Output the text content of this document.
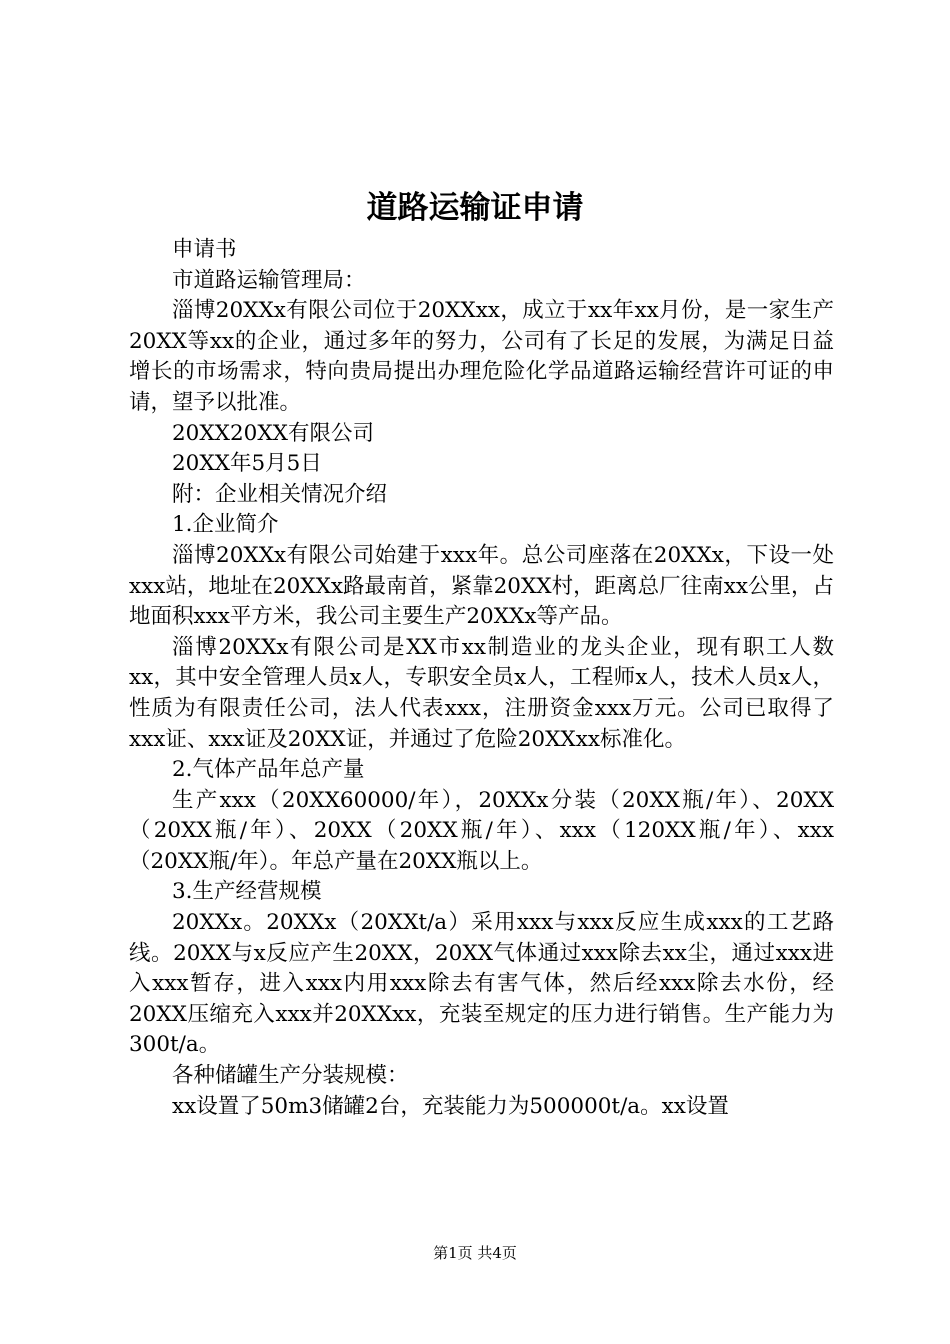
道路运输证申请

申请书

市道路运输管理局：

淄博20XXx有限公司位于20XXxx，成立于xx年xx月份，是一家生产20XX等xx的企业，通过多年的努力，公司有了长足的发展，为满足日益增长的市场需求，特向贵局提出办理危险化学品道路运输经营许可证的申请，望予以批准。

20XX20XX有限公司

20XX年5月5日

附：企业相关情况介绍

1.企业简介

淄博20XXx有限公司始建于xxx年。总公司座落在20XXx，下设一处xxx站，地址在20XXx路最南首，紧靠20XX村，距离总厂往南xx公里，占地面积xxx平方米，我公司主要生产20XXx等产品。

淄博20XXx有限公司是XX市xx制造业的龙头企业，现有职工人数xx，其中安全管理人员x人，专职安全员x人，工程师x人，技术人员x人，性质为有限责任公司，法人代表xxx，注册资金xxx万元。公司已取得了xxx证、xxx证及20XX证，并通过了危险20XXxx标准化。

2.气体产品年总产量

生产xxx（20XX60000/年），20XXx分装（20XX瓶/年）、20XX（20XX瓶/年）、20XX（20XX瓶/年）、xxx（120XX瓶/年）、xxx（20XX瓶/年）。年总产量在20XX瓶以上。

3.生产经营规模

20XXx。20XXx（20XXt/a）采用xxx与xxx反应生成xxx的工艺路线。20XX与x反应产生20XX，20XX气体通过xxx除去xx尘，通过xxx进入xxx暂存，进入xxx内用xxx除去有害气体，然后经xxx除去水份，经20XX压缩充入xxx并20XXxx，充装至规定的压力进行销售。生产能力为300t/a。

各种储罐生产分装规模：

xx设置了50m3储罐2台，充装能力为500000t/a。xx设置

第1页 共4页
